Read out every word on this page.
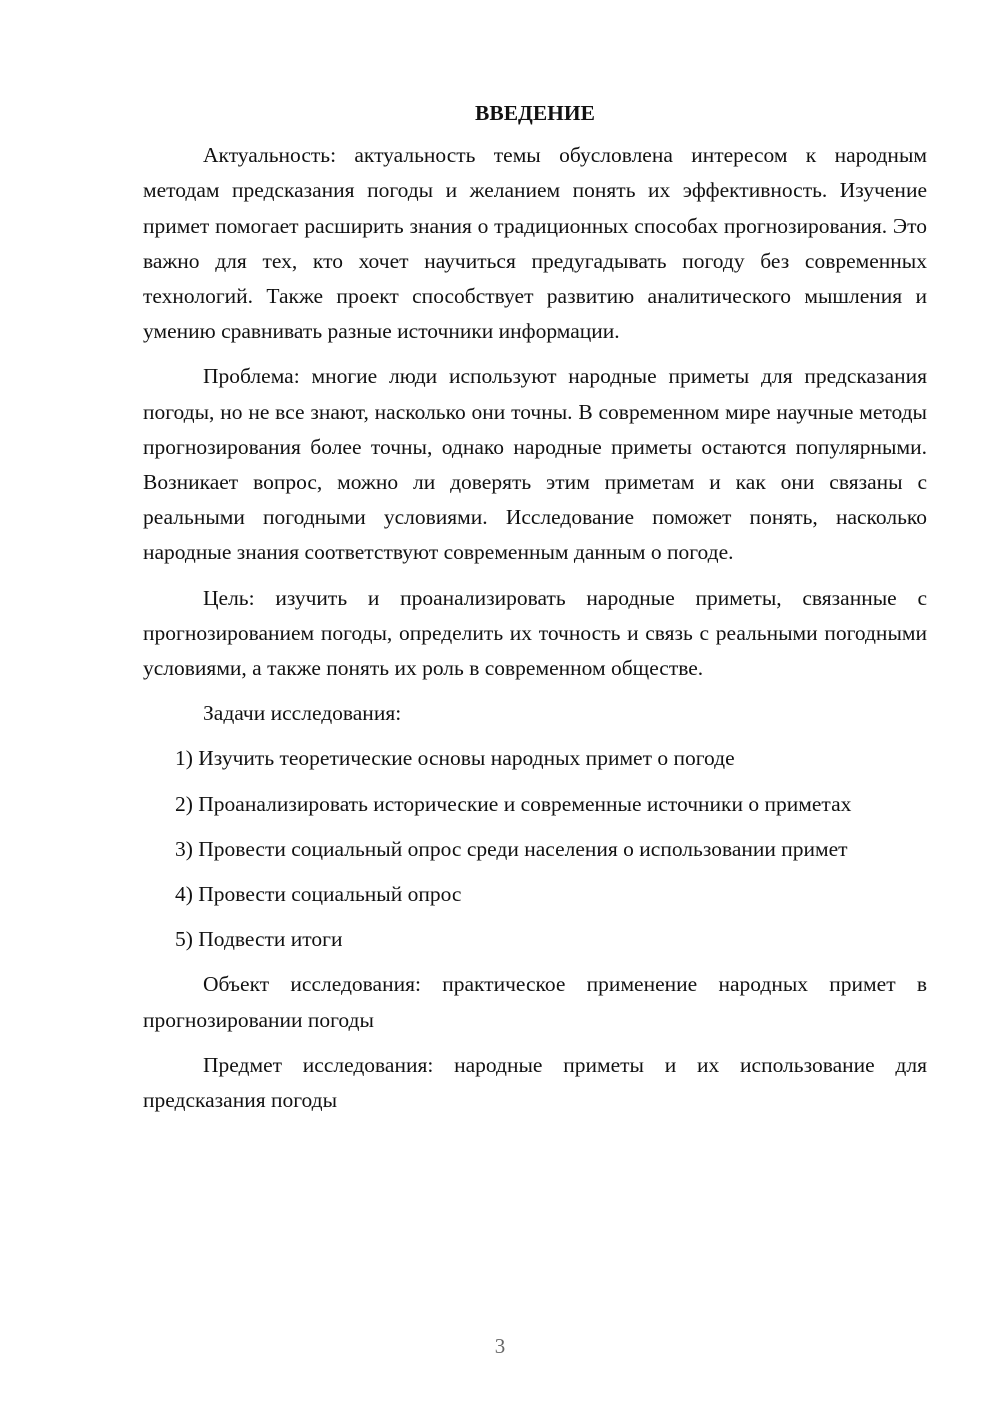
ВВЕДЕНИЕ

Актуальность: актуальность темы обусловлена интересом к народным методам предсказания погоды и желанием понять их эффективность. Изучение примет помогает расширить знания о традиционных способах прогнозирования. Это важно для тех, кто хочет научиться предугадывать погоду без современных технологий. Также проект способствует развитию аналитического мышления и умению сравнивать разные источники информации.

Проблема: многие люди используют народные приметы для предсказания погоды, но не все знают, насколько они точны. В современном мире научные методы прогнозирования более точны, однако народные приметы остаются популярными. Возникает вопрос, можно ли доверять этим приметам и как они связаны с реальными погодными условиями. Исследование поможет понять, насколько народные знания соответствуют современным данным о погоде.

Цель: изучить и проанализировать народные приметы, связанные с прогнозированием погоды, определить их точность и связь с реальными погодными условиями, а также понять их роль в современном обществе.

Задачи исследования:

1) Изучить теоретические основы народных примет о погоде

2) Проанализировать исторические и современные источники о приметах

3) Провести социальный опрос среди населения о использовании примет

4) Провести социальный опрос

5) Подвести итоги

Объект исследования: практическое применение народных примет в прогнозировании погоды

Предмет исследования: народные приметы и их использование для предсказания погоды

3
